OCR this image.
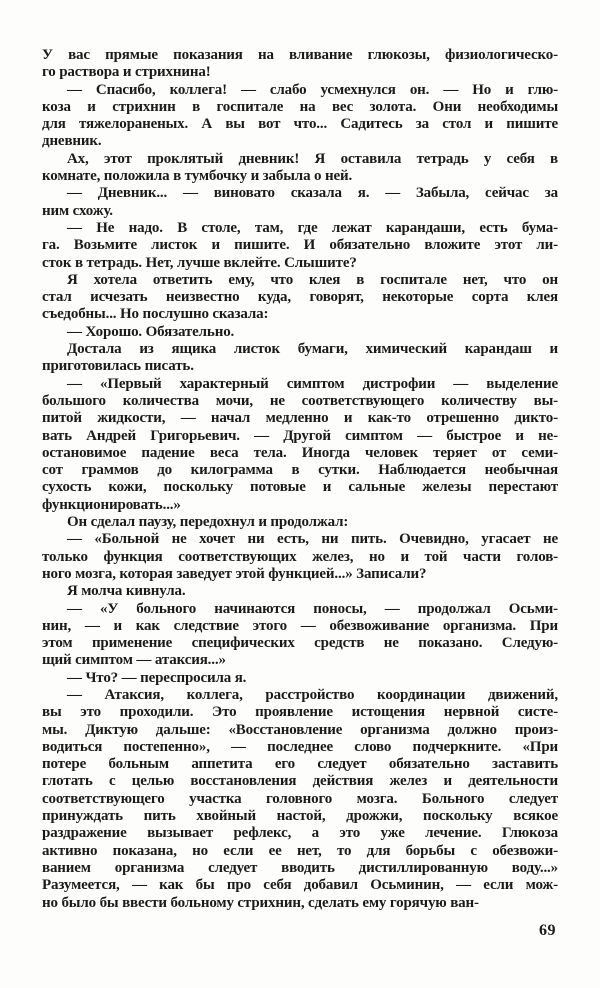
У вас прямые показания на вливание глюкозы, физиологическо-
го раствора и стрихнина!
— Спасибо, коллега! — слабо усмехнулся он. — Но и глю-
коза и стрихнин в госпитале на вес золота. Они необходимы
для тяжелораненых. А вы вот что... Садитесь за стол и пишите
дневник.
Ах, этот проклятый дневник! Я оставила тетрадь у себя в
комнате, положила в тумбочку и забыла о ней.
— Дневник... — виновато сказала я. — Забыла, сейчас за
ним схожу.
— Не надо. В столе, там, где лежат карандаши, есть бума-
га. Возьмите листок и пишите. И обязательно вложите этот ли-
сток в тетрадь. Нет, лучше вклейте. Слышите?
Я хотела ответить ему, что клея в госпитале нет, что он
стал исчезать неизвестно куда, говорят, некоторые сорта клея
съедобны... Но послушно сказала:
— Хорошо. Обязательно.
Достала из ящика листок бумаги, химический карандаш и
приготовилась писать.
— «Первый характерный симптом дистрофии — выделение
большого количества мочи, не соответствующего количеству вы-
питой жидкости, — начал медленно и как-то отрешенно дикто-
вать Андрей Григорьевич. — Другой симптом — быстрое и не-
остановимое падение веса тела. Иногда человек теряет от семи-
сот граммов до килограмма в сутки. Наблюдается необычная
сухость кожи, поскольку потовые и сальные железы перестают
функционировать...»
Он сделал паузу, передохнул и продолжал:
— «Больной не хочет ни есть, ни пить. Очевидно, угасает не
только функция соответствующих желез, но и той части голов-
ного мозга, которая заведует этой функцией...» Записали?
Я молча кивнула.
— «У больного начинаются поносы, — продолжал Осьми-
нин, — и как следствие этого — обезвоживание организма. При
этом применение специфических средств не показано. Следую-
щий симптом — атаксия...»
— Что? — переспросила я.
— Атаксия, коллега, расстройство координации движений,
вы это проходили. Это проявление истощения нервной систе-
мы. Диктую дальше: «Восстановление организма должно произ-
водиться постепенно», — последнее слово подчеркните. «При
потере больным аппетита его следует обязательно заставить
глотать с целью восстановления действия желез и деятельности
соответствующего участка головного мозга. Больного следует
принуждать пить хвойный настой, дрожжи, поскольку всякое
раздражение вызывает рефлекс, а это уже лечение. Глюкоза
активно показана, но если ее нет, то для борьбы с обезвожи-
ванием организма следует вводить дистиллированную воду...»
Разумеется, — как бы про себя добавил Осьминин, — если мож-
но было бы ввести больному стрихнин, сделать ему горячую ван-
69
